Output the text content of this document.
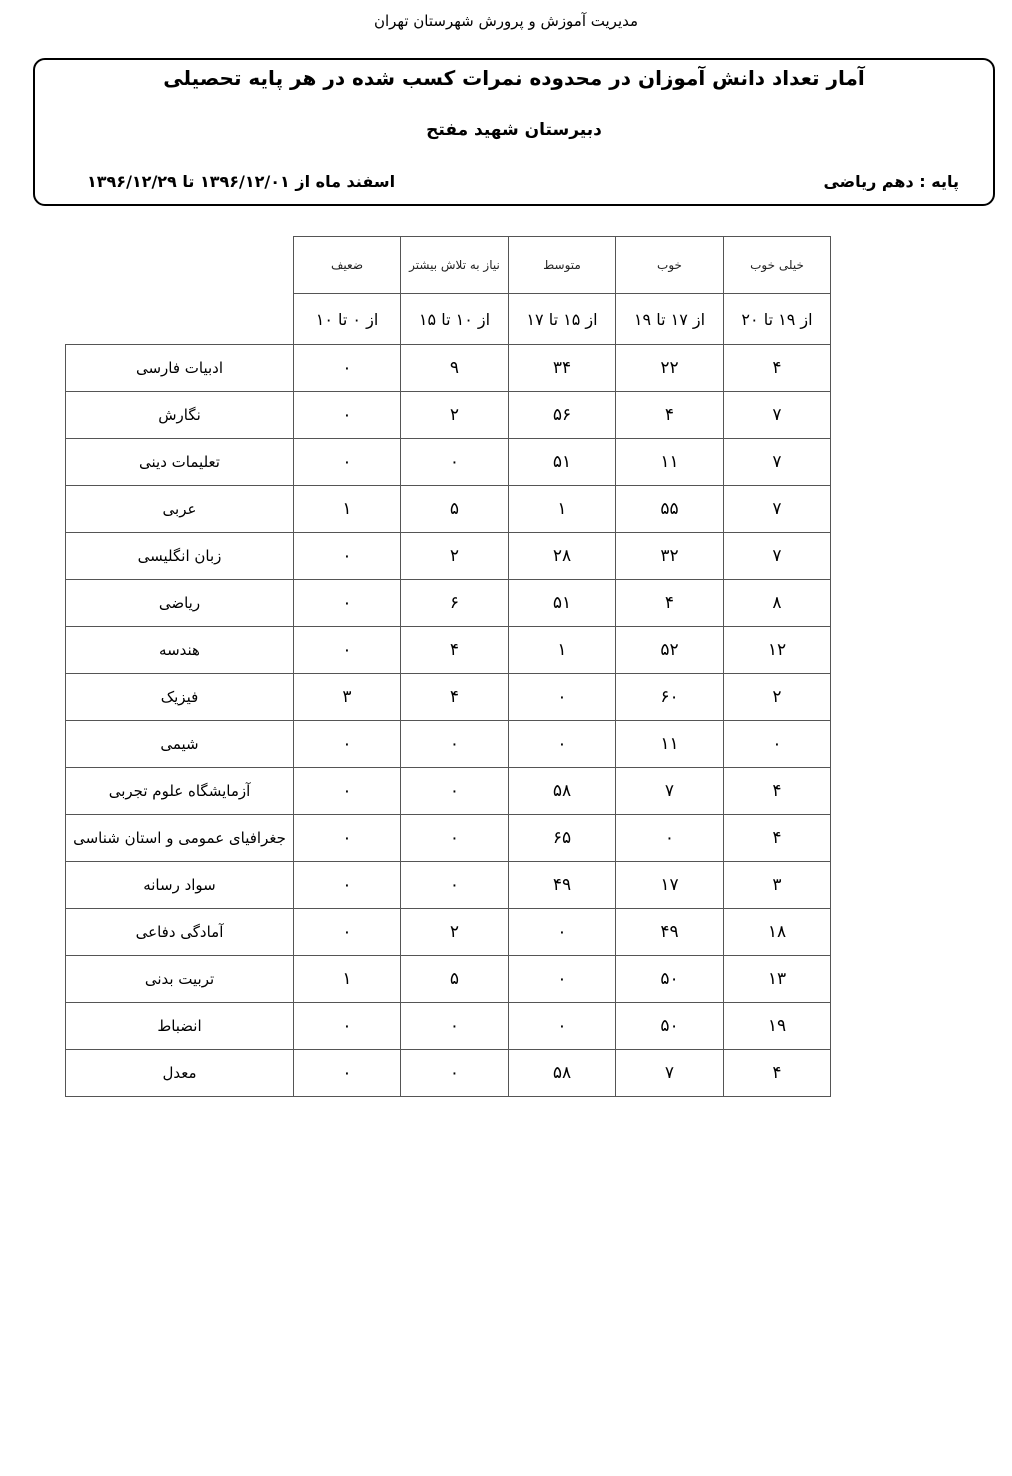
مدیریت آموزش و پرورش شهرستان تهران
آمار تعداد دانش آموزان در محدوده نمرات کسب شده در هر پایه تحصیلی
دبیرستان شهید مفتح
پایه : دهم ریاضی
اسفند ماه از ۱۳۹۶/۱۲/۰۱ تا ۱۳۹۶/۱۲/۲۹
خیلی خوب	خوب	متوسط	نیاز به تلاش بیشتر	ضعیف	
از ۱۹ تا ۲۰	از ۱۷ تا ۱۹	از ۱۵ تا ۱۷	از ۱۰ تا ۱۵	از ۰ تا ۱۰	
۴	۲۲	۳۴	۹	۰	ادبیات فارسی
۷	۴	۵۶	۲	۰	نگارش
۷	۱۱	۵۱	۰	۰	تعلیمات دینی
۷	۵۵	۱	۵	۱	عربی
۷	۳۲	۲۸	۲	۰	زبان انگلیسی
۸	۴	۵۱	۶	۰	ریاضی
۱۲	۵۲	۱	۴	۰	هندسه
۲	۶۰	۰	۴	۳	فیزیک
۰	۱۱	۰	۰	۰	شیمی
۴	۷	۵۸	۰	۰	آزمایشگاه علوم تجربی
۴	۰	۶۵	۰	۰	جغرافیای عمومی و استان شناسی
۳	۱۷	۴۹	۰	۰	سواد رسانه
۱۸	۴۹	۰	۲	۰	آمادگی دفاعی
۱۳	۵۰	۰	۵	۱	تربیت بدنی
۱۹	۵۰	۰	۰	۰	انضباط
۴	۷	۵۸	۰	۰	معدل
